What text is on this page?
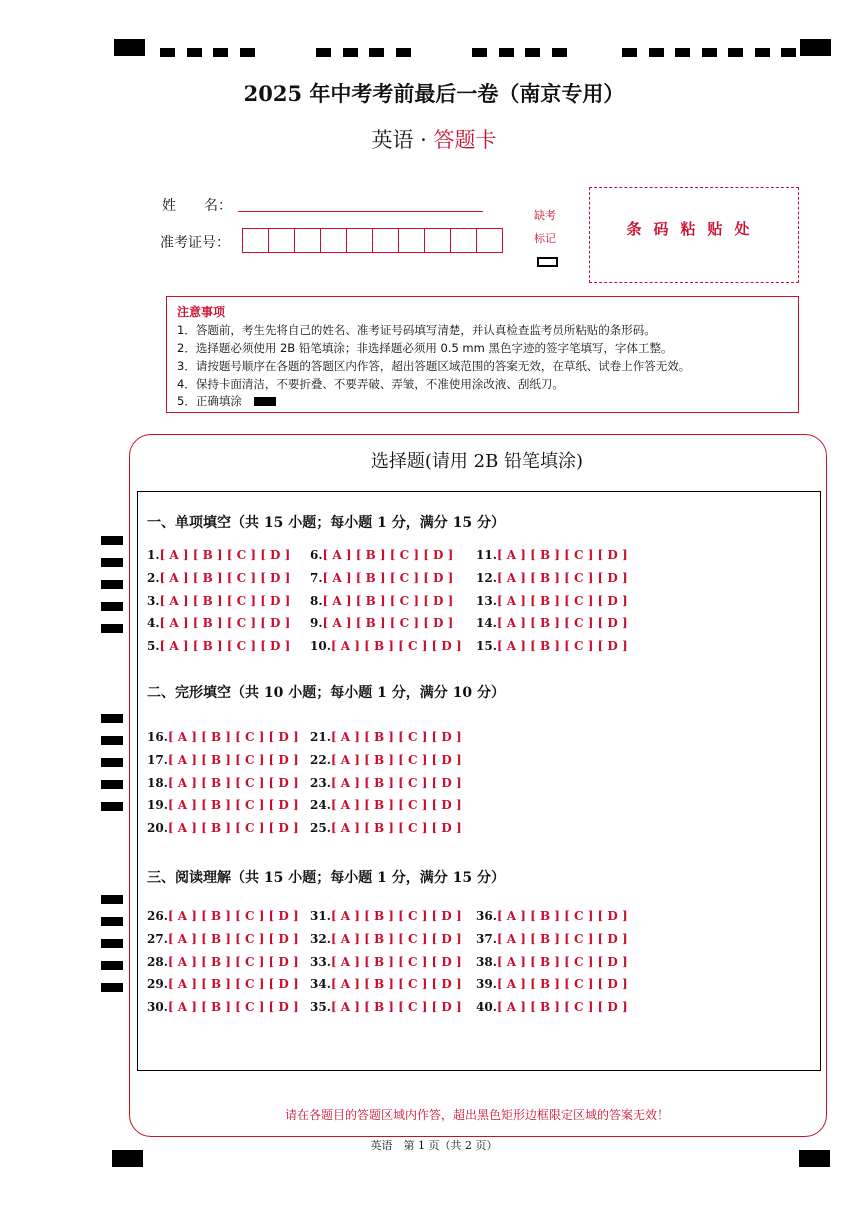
2025 年中考考前最后一卷（南京专用）
英语 · 答题卡
姓　　名：
准考证号：
缺考
标记
条码粘贴处
注意事项
1．答题前，考生先将自己的姓名、准考证号码填写清楚，并认真检查监考员所粘贴的条形码。
2．选择题必须使用 2B 铅笔填涂；非选择题必须用 0.5 mm 黑色字迹的签字笔填写，字体工整。
3．请按题号顺序在各题的答题区内作答，超出答题区域范围的答案无效，在草纸、试卷上作答无效。
4．保持卡面清洁，不要折叠、不要弄破、弄皱，不准使用涂改液、刮纸刀。
5．正确填涂
选择题(请用 2B 铅笔填涂)
一、单项填空（共 15 小题；每小题 1 分，满分 15 分）
二、完形填空（共 10 小题；每小题 1 分，满分 10 分）
三、阅读理解（共 15 小题；每小题 1 分，满分 15 分）
1.[ A ] [ B ] [ C ] [ D ]
2.[ A ] [ B ] [ C ] [ D ]
3.[ A ] [ B ] [ C ] [ D ]
4.[ A ] [ B ] [ C ] [ D ]
5.[ A ] [ B ] [ C ] [ D ]
6.[ A ] [ B ] [ C ] [ D ]
7.[ A ] [ B ] [ C ] [ D ]
8.[ A ] [ B ] [ C ] [ D ]
9.[ A ] [ B ] [ C ] [ D ]
10.[ A ] [ B ] [ C ] [ D ]
11.[ A ] [ B ] [ C ] [ D ]
12.[ A ] [ B ] [ C ] [ D ]
13.[ A ] [ B ] [ C ] [ D ]
14.[ A ] [ B ] [ C ] [ D ]
15.[ A ] [ B ] [ C ] [ D ]
16.[ A ] [ B ] [ C ] [ D ]
17.[ A ] [ B ] [ C ] [ D ]
18.[ A ] [ B ] [ C ] [ D ]
19.[ A ] [ B ] [ C ] [ D ]
20.[ A ] [ B ] [ C ] [ D ]
21.[ A ] [ B ] [ C ] [ D ]
22.[ A ] [ B ] [ C ] [ D ]
23.[ A ] [ B ] [ C ] [ D ]
24.[ A ] [ B ] [ C ] [ D ]
25.[ A ] [ B ] [ C ] [ D ]
26.[ A ] [ B ] [ C ] [ D ]
27.[ A ] [ B ] [ C ] [ D ]
28.[ A ] [ B ] [ C ] [ D ]
29.[ A ] [ B ] [ C ] [ D ]
30.[ A ] [ B ] [ C ] [ D ]
31.[ A ] [ B ] [ C ] [ D ]
32.[ A ] [ B ] [ C ] [ D ]
33.[ A ] [ B ] [ C ] [ D ]
34.[ A ] [ B ] [ C ] [ D ]
35.[ A ] [ B ] [ C ] [ D ]
36.[ A ] [ B ] [ C ] [ D ]
37.[ A ] [ B ] [ C ] [ D ]
38.[ A ] [ B ] [ C ] [ D ]
39.[ A ] [ B ] [ C ] [ D ]
40.[ A ] [ B ] [ C ] [ D ]
请在各题目的答题区域内作答，超出黑色矩形边框限定区域的答案无效！
英语　第 1 页（共 2 页）
